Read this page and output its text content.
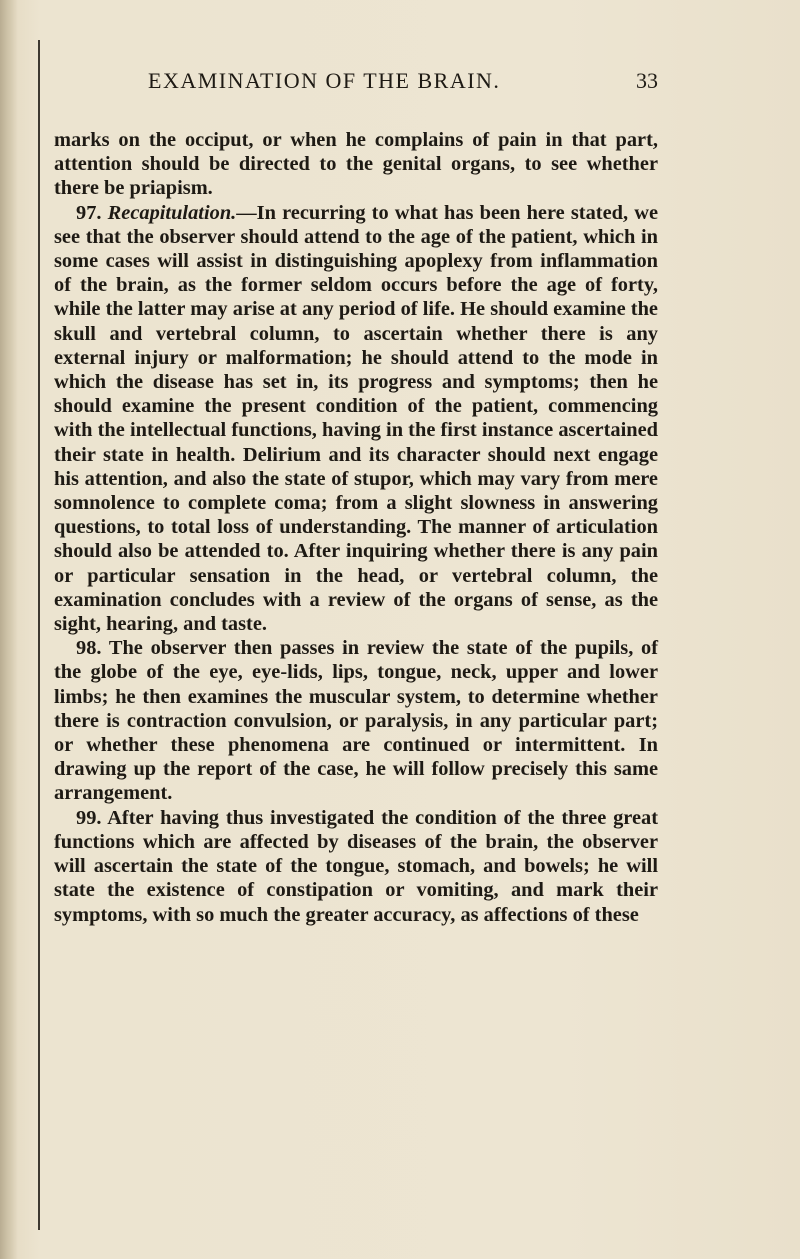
EXAMINATION OF THE BRAIN.	33

marks on the occiput, or when he complains of pain in that part, attention should be directed to the genital organs, to see whether there be priapism.

97. Recapitulation.—In recurring to what has been here stated, we see that the observer should attend to the age of the patient, which in some cases will assist in distinguishing apoplexy from inflammation of the brain, as the former seldom occurs before the age of forty, while the latter may arise at any period of life. He should examine the skull and vertebral column, to ascertain whether there is any external injury or malformation; he should attend to the mode in which the disease has set in, its progress and symptoms; then he should examine the present condition of the patient, commencing with the intellectual functions, having in the first instance ascertained their state in health. Delirium and its character should next engage his attention, and also the state of stupor, which may vary from mere somnolence to complete coma; from a slight slowness in answering questions, to total loss of understanding. The manner of articulation should also be attended to. After inquiring whether there is any pain or particular sensation in the head, or vertebral column, the examination concludes with a review of the organs of sense, as the sight, hearing, and taste.

98. The observer then passes in review the state of the pupils, of the globe of the eye, eye-lids, lips, tongue, neck, upper and lower limbs; he then examines the muscular system, to determine whether there is contraction convulsion, or paralysis, in any particular part; or whether these phenomena are continued or intermittent. In drawing up the report of the case, he will follow precisely this same arrangement.

99. After having thus investigated the condition of the three great functions which are affected by diseases of the brain, the observer will ascertain the state of the tongue, stomach, and bowels; he will state the existence of constipation or vomiting, and mark their symptoms, with so much the greater accuracy, as affections of these
